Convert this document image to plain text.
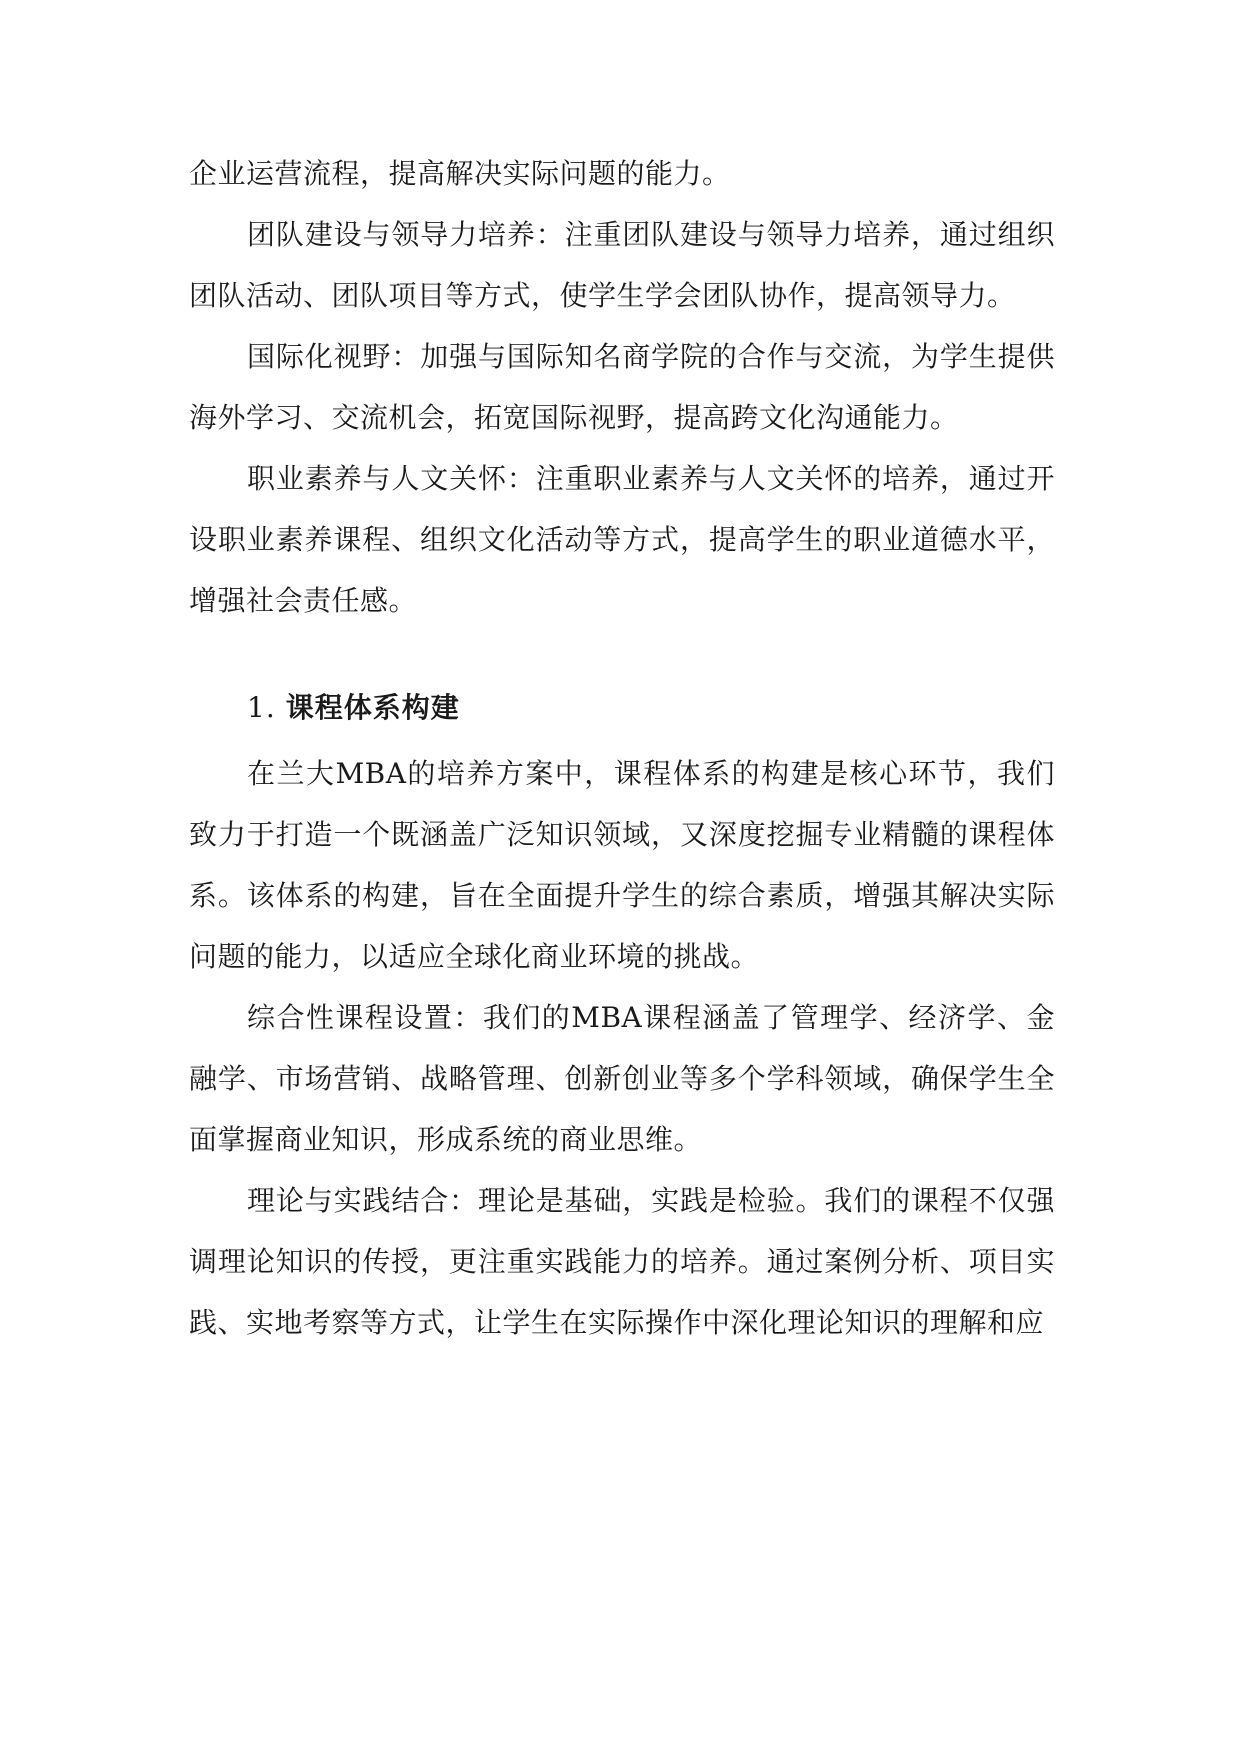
企业运营流程，提高解决实际问题的能力。

团队建设与领导力培养：注重团队建设与领导力培养，通过组织团队活动、团队项目等方式，使学生学会团队协作，提高领导力。

国际化视野：加强与国际知名商学院的合作与交流，为学生提供海外学习、交流机会，拓宽国际视野，提高跨文化沟通能力。

职业素养与人文关怀：注重职业素养与人文关怀的培养，通过开设职业素养课程、组织文化活动等方式，提高学生的职业道德水平，增强社会责任感。

1. 课程体系构建

在兰大MBA的培养方案中，课程体系的构建是核心环节，我们致力于打造一个既涵盖广泛知识领域，又深度挖掘专业精髓的课程体系。该体系的构建，旨在全面提升学生的综合素质，增强其解决实际问题的能力，以适应全球化商业环境的挑战。

综合性课程设置：我们的MBA课程涵盖了管理学、经济学、金融学、市场营销、战略管理、创新创业等多个学科领域，确保学生全面掌握商业知识，形成系统的商业思维。

理论与实践结合：理论是基础，实践是检验。我们的课程不仅强调理论知识的传授，更注重实践能力的培养。通过案例分析、项目实践、实地考察等方式，让学生在实际操作中深化理论知识的理解和应
